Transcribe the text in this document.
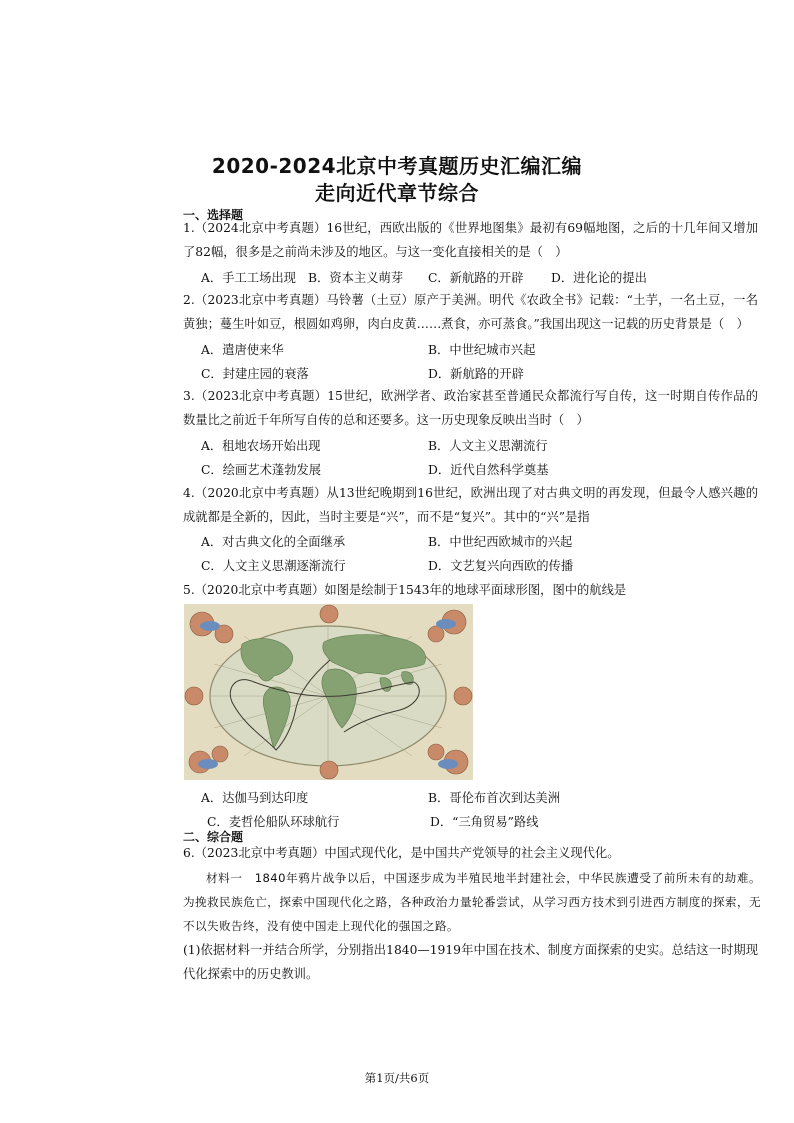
2020-2024北京中考真题历史汇编汇编
走向近代章节综合
一、选择题
1.（2024北京中考真题）16世纪，西欧出版的《世界地图集》最初有69幅地图，之后的十几年间又增加了82幅，很多是之前尚未涉及的地区。与这一变化直接相关的是（　）
A．手工工场出现 B．资本主义萌芽 C．新航路的开辟 D．进化论的提出
2.（2023北京中考真题）马铃薯（土豆）原产于美洲。明代《农政全书》记载：“土芋，一名土豆，一名黄独；蔓生叶如豆，根圆如鸡卵，肉白皮黄……煮食，亦可蒸食。”我国出现这一记载的历史背景是（　）
A．遣唐使来华	B．中世纪城市兴起
C．封建庄园的衰落	D．新航路的开辟
3.（2023北京中考真题）15世纪，欧洲学者、政治家甚至普通民众都流行写自传，这一时期自传作品的数量比之前近千年所写自传的总和还要多。这一历史现象反映出当时（　）
A．租地农场开始出现	B．人文主义思潮流行
C．绘画艺术蓬勃发展	D．近代自然科学奠基
4.（2020北京中考真题）从13世纪晚期到16世纪，欧洲出现了对古典文明的再发现，但最令人感兴趣的成就都是全新的，因此，当时主要是“兴”，而不是“复兴”。其中的“兴”是指
A．对古典文化的全面继承	B．中世纪西欧城市的兴起
C．人文主义思潮逐渐流行	D．文艺复兴向西欧的传播
5.（2020北京中考真题）如图是绘制于1543年的地球平面球形图，图中的航线是
A．达伽马到达印度	B．哥伦布首次到达美洲
C．麦哲伦船队环球航行	D．“三角贸易”路线
二、综合题
6.（2023北京中考真题）中国式现代化，是中国共产党领导的社会主义现代化。
材料一　1840年鸦片战争以后，中国逐步成为半殖民地半封建社会，中华民族遭受了前所未有的劫难。为挽救民族危亡，探索中国现代化之路，各种政治力量轮番尝试，从学习西方技术到引进西方制度的探索，无不以失败告终，没有使中国走上现代化的强国之路。
(1)依据材料一并结合所学，分别指出1840—1919年中国在技术、制度方面探索的史实。总结这一时期现代化探索中的历史教训。
第1页/共6页
